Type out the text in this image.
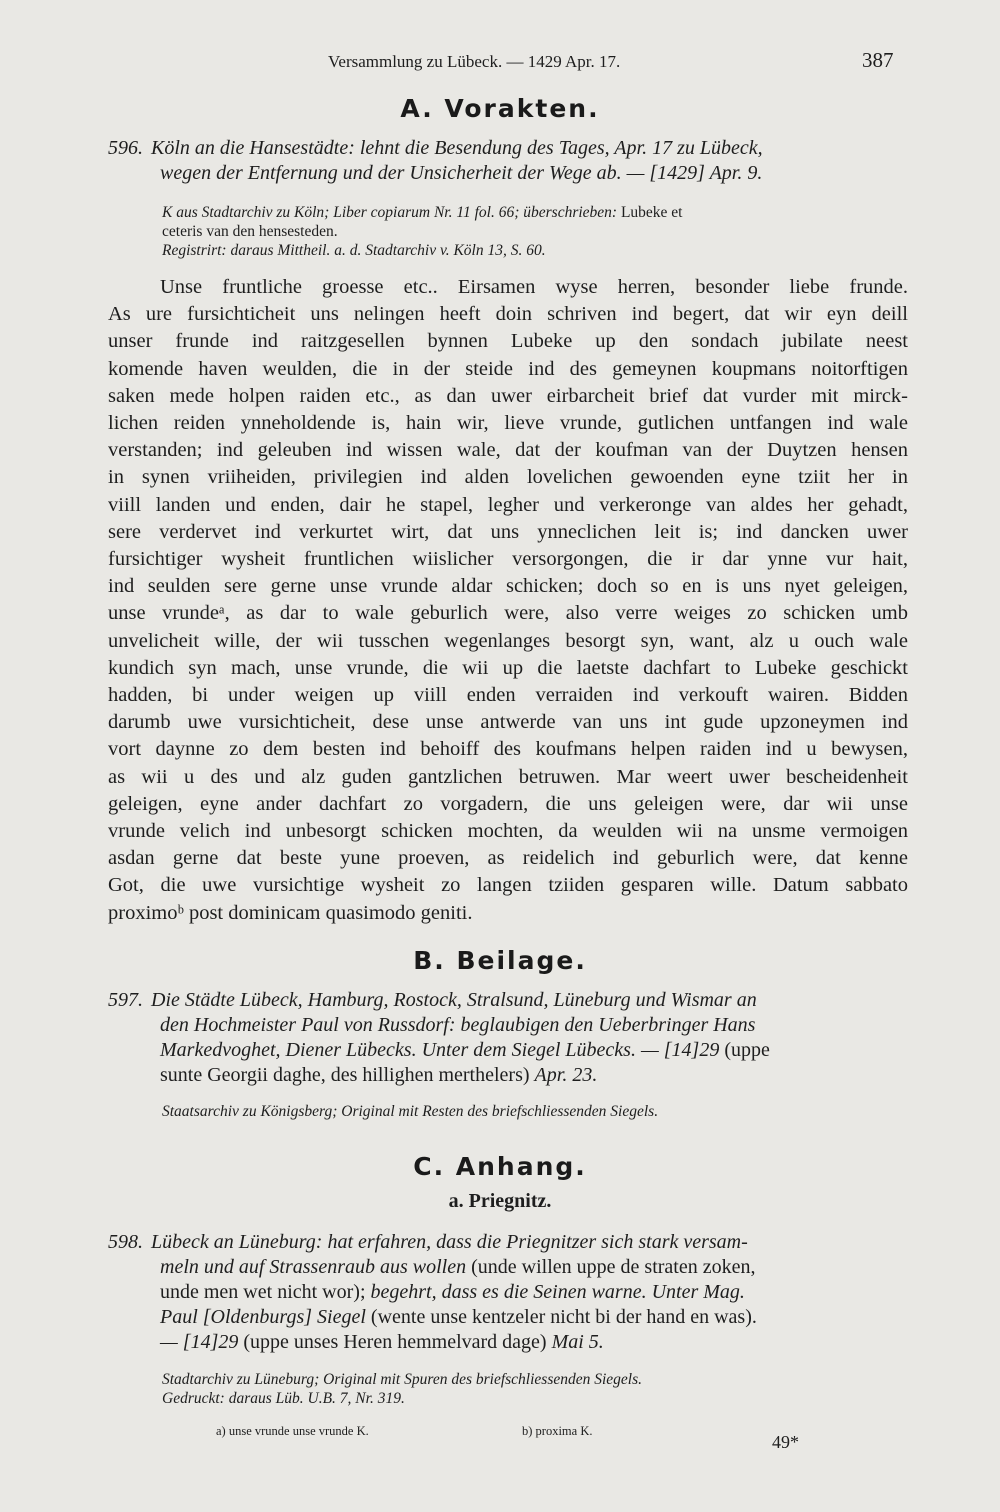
Versammlung zu Lübeck. — 1429 Apr. 17.	387
A. Vorakten.

596. Köln an die Hansestädte: lehnt die Besendung des Tages, Apr. 17 zu Lübeck,

wegen der Entfernung und der Unsicherheit der Wege ab. — [1429] Apr. 9.

K aus Stadtarchiv zu Köln; Liber copiarum Nr. 11 fol. 66; überschrieben: Lubeke et
ceteris van den hensesteden.
Registrirt: daraus Mittheil. a. d. Stadtarchiv v. Köln 13, S. 60.

Unse fruntliche groesse etc.. Eirsamen wyse herren, besonder liebe frunde.
As ure fursichticheit uns nelingen heeft doin schriven ind begert, dat wir eyn deill
unser frunde ind raitzgesellen bynnen Lubeke up den sondach jubilate neest
komende haven weulden, die in der steide ind des gemeynen koupmans noitorftigen
saken mede holpen raiden etc., as dan uwer eirbarcheit brief dat vurder mit mirck-
lichen reiden ynneholdende is, hain wir, lieve vrunde, gutlichen untfangen ind wale
verstanden; ind geleuben ind wissen wale, dat der koufman van der Duytzen hensen
in synen vriiheiden, privilegien ind alden lovelichen gewoenden eyne tziit her in
viill landen und enden, dair he stapel, legher und verkeronge van aldes her gehadt,
sere verdervet ind verkurtet wirt, dat uns ynneclichen leit is; ind dancken uwer
fursichtiger wysheit fruntlichen wiislicher versorgongen, die ir dar ynne vur hait,
ind seulden sere gerne unse vrunde aldar schicken; doch so en is uns nyet geleigen,
unse vrundeᵃ, as dar to wale geburlich were, also verre weiges zo schicken umb
unvelicheit wille, der wii tusschen wegenlanges besorgt syn, want, alz u ouch wale
kundich syn mach, unse vrunde, die wii up die laetste dachfart to Lubeke geschickt
hadden, bi under weigen up viill enden verraiden ind verkouft wairen. Bidden
darumb uwe vursichticheit, dese unse antwerde van uns int gude upzoneymen ind
vort daynne zo dem besten ind behoiff des koufmans helpen raiden ind u bewysen,
as wii u des und alz guden gantzlichen betruwen. Mar weert uwer bescheidenheit
geleigen, eyne ander dachfart zo vorgadern, die uns geleigen were, dar wii unse
vrunde velich ind unbesorgt schicken mochten, da weulden wii na unsme vermoigen
asdan gerne dat beste yune proeven, as reidelich ind geburlich were, dat kenne
Got, die uwe vursichtige wysheit zo langen tziiden gesparen wille. Datum sabbato
proximoᵇ post dominicam quasimodo geniti.
B. Beilage.

597. Die Städte Lübeck, Hamburg, Rostock, Stralsund, Lüneburg und Wismar an

den Hochmeister Paul von Russdorf: beglaubigen den Ueberbringer Hans
Markedvoghet, Diener Lübecks. Unter dem Siegel Lübecks. — [14]29 (uppe
sunte Georgii daghe, des hillighen merthelers) Apr. 23.

Staatsarchiv zu Königsberg; Original mit Resten des briefschliessenden Siegels.

C. Anhang.
a. Priegnitz.

598. Lübeck an Lüneburg: hat erfahren, dass die Priegnitzer sich stark versam-

meln und auf Strassenraub aus wollen (unde willen uppe de straten zoken,
unde men wet nicht wor); begehrt, dass es die Seinen warne. Unter Mag.
Paul [Oldenburgs] Siegel (wente unse kentzeler nicht bi der hand en was).
— [14]29 (uppe unses Heren hemmelvard dage) Mai 5.

Stadtarchiv zu Lüneburg; Original mit Spuren des briefschliessenden Siegels.
Gedruckt: daraus Lüb. U.B. 7, Nr. 319.

a) unse vrunde unse vrunde K.	b) proxima K.
49*
